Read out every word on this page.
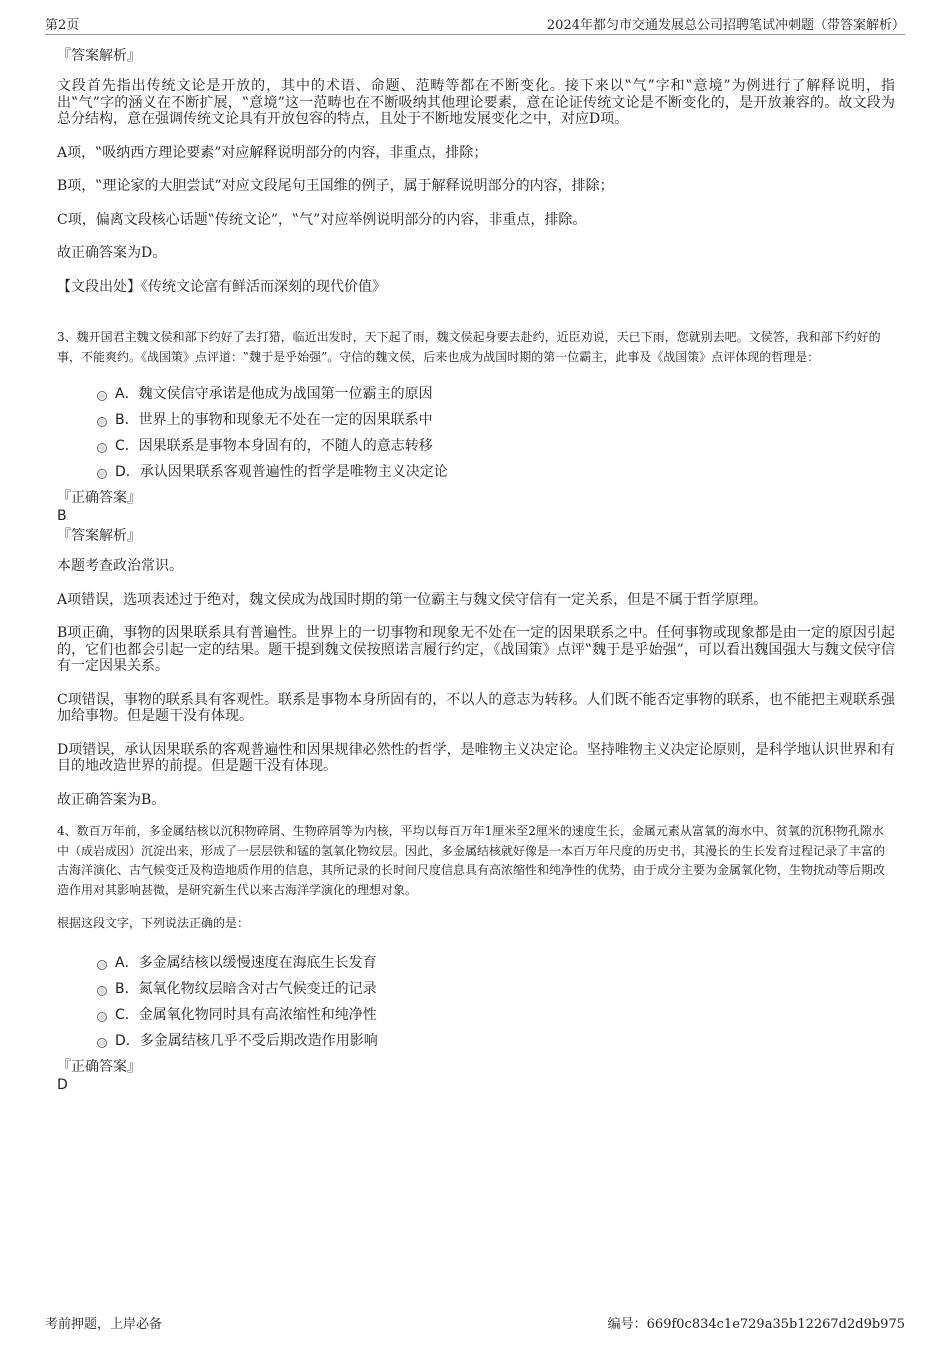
第2页	2024年都匀市交通发展总公司招聘笔试冲刺题（带答案解析）

『答案解析』

文段首先指出传统文论是开放的，其中的术语、命题、范畴等都在不断变化。接下来以‟气”字和‟意境”为例进行了解释说明，指出‟气”字的涵义在不断扩展，‟意境”这一范畴也在不断吸纳其他理论要素，意在论证传统文论是不断变化的，是开放兼容的。故文段为总分结构，意在强调传统文论具有开放包容的特点，且处于不断地发展变化之中，对应D项。

A项，‟吸纳西方理论要素”对应解释说明部分的内容，非重点，排除；

B项，‟理论家的大胆尝试”对应文段尾句王国维的例子，属于解释说明部分的内容，排除；

C项，偏离文段核心话题‟传统文论”，‟气”对应举例说明部分的内容，非重点，排除。

故正确答案为D。

【文段出处】《传统文论富有鲜活而深刻的现代价值》

3、魏开国君主魏文侯和部下约好了去打猎，临近出发时，天下起了雨，魏文侯起身要去赴约，近臣劝说，天已下雨，您就别去吧。文侯答，我和部下约好的事，不能爽约。《战国策》点评道：‟魏于是乎始强”。守信的魏文侯，后来也成为战国时期的第一位霸主，此事及《战国策》点评体现的哲理是：

A．魏文侯信守承诺是他成为战国第一位霸主的原因
B．世界上的事物和现象无不处在一定的因果联系中
C．因果联系是事物本身固有的，不随人的意志转移
D．承认因果联系客观普遍性的哲学是唯物主义决定论

『正确答案』

B

『答案解析』

本题考查政治常识。

A项错误，选项表述过于绝对，魏文侯成为战国时期的第一位霸主与魏文侯守信有一定关系，但是不属于哲学原理。

B项正确，事物的因果联系具有普遍性。世界上的一切事物和现象无不处在一定的因果联系之中。任何事物或现象都是由一定的原因引起的，它们也都会引起一定的结果。题干提到魏文侯按照诺言履行约定，《战国策》点评‟魏于是乎始强”，可以看出魏国强大与魏文侯守信有一定因果关系。

C项错误，事物的联系具有客观性。联系是事物本身所固有的，不以人的意志为转移。人们既不能否定事物的联系，也不能把主观联系强加给事物。但是题干没有体现。

D项错误，承认因果联系的客观普遍性和因果规律必然性的哲学，是唯物主义决定论。坚持唯物主义决定论原则，是科学地认识世界和有目的地改造世界的前提。但是题干没有体现。

故正确答案为B。

4、数百万年前，多金属结核以沉积物碎屑、生物碎屑等为内核，平均以每百万年1厘米至2厘米的速度生长，金属元素从富氧的海水中、贫氧的沉积物孔隙水中（成岩成因）沉淀出来，形成了一层层铁和锰的氢氧化物纹层。因此，多金属结核就好像是一本百万年尺度的历史书，其漫长的生长发育过程记录了丰富的古海洋演化、古气候变迁及构造地质作用的信息，其所记录的长时间尺度信息具有高浓缩性和纯净性的优势，由于成分主要为金属氧化物，生物扰动等后期改造作用对其影响甚微，是研究新生代以来古海洋学演化的理想对象。

根据这段文字，下列说法正确的是：

A．多金属结核以缓慢速度在海底生长发育
B．氮氧化物纹层暗含对古气候变迁的记录
C．金属氧化物同时具有高浓缩性和纯净性
D．多金属结核几乎不受后期改造作用影响

『正确答案』

D

考前押题，上岸必备	编号：669f0c834c1e729a35b12267d2d9b975
